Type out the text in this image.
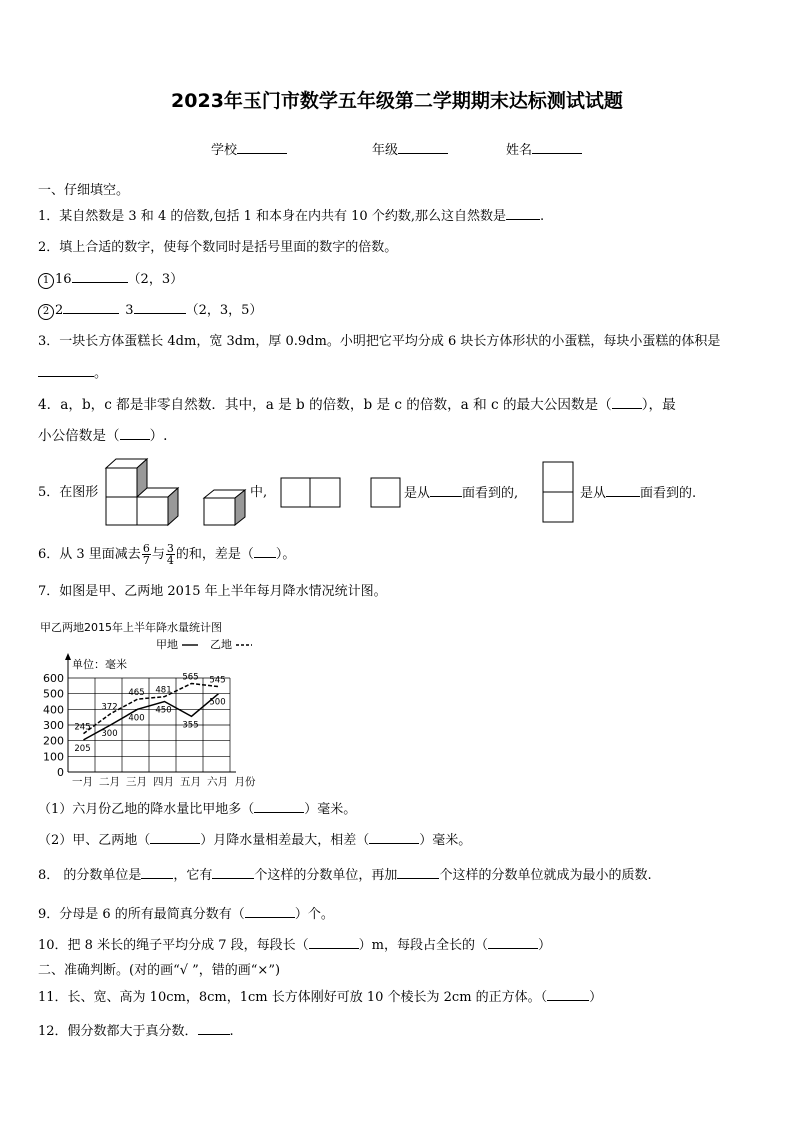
2023年玉门市数学五年级第二学期期末达标测试试题
学校	年级	姓名
一、仔细填空。
1．某自然数是 3 和 4 的倍数,包括 1 和本身在内共有 10 个约数,那么这自然数是	.
2．填上合适的数字，使每个数同时是括号里面的数字的倍数。
1 16	（2，3）
2 2	3	（2，3，5）
3．一块长方体蛋糕长 4dm，宽 3dm，厚 0.9dm。小明把它平均分成 6 块长方体形状的小蛋糕，每块小蛋糕的体积是
。
4．a，b，c 都是非零自然数．其中，a 是 b 的倍数，b 是 c 的倍数，a 和 c 的最大公因数是（ ），最
小公倍数是（ ）.
5．在图形	中,	是从 面看到的,	是从	面看到的.
6．从 3 里面减去 $\frac{6}{7}$ 与 $\frac{3}{4}$ 的和，差是（ ）。
7．如图是甲、乙两地 2015 年上半年每月降水情况统计图。
甲乙两地2015年上半年降水量统计图
甲地	乙地
单位：毫米
0
100
200
300
400
500
600
一月 二月 三月 四月 五月 六月 月份
205
300
400
450
355
500
245
372
465 481
565 545
（1）六月份乙地的降水量比甲地多（	）毫米。
（2）甲、乙两地（	）月降水量相差最大，相差（	）毫米。
8． 的分数单位是 ，它有	个这样的分数单位，再加	个这样的分数单位就成为最小的质数.
9．分母是 6 的所有最简真分数有（	）个。
10．把 8 米长的绳子平均分成 7 段，每段长（	）m，每段占全长的（	）
二、准确判断。(对的画“√ ”，错的画“×”)
11．长、宽、高为 10cm，8cm，1cm 长方体刚好可放 10 个棱长为 2cm 的正方体。（	）
12．假分数都大于真分数． .
